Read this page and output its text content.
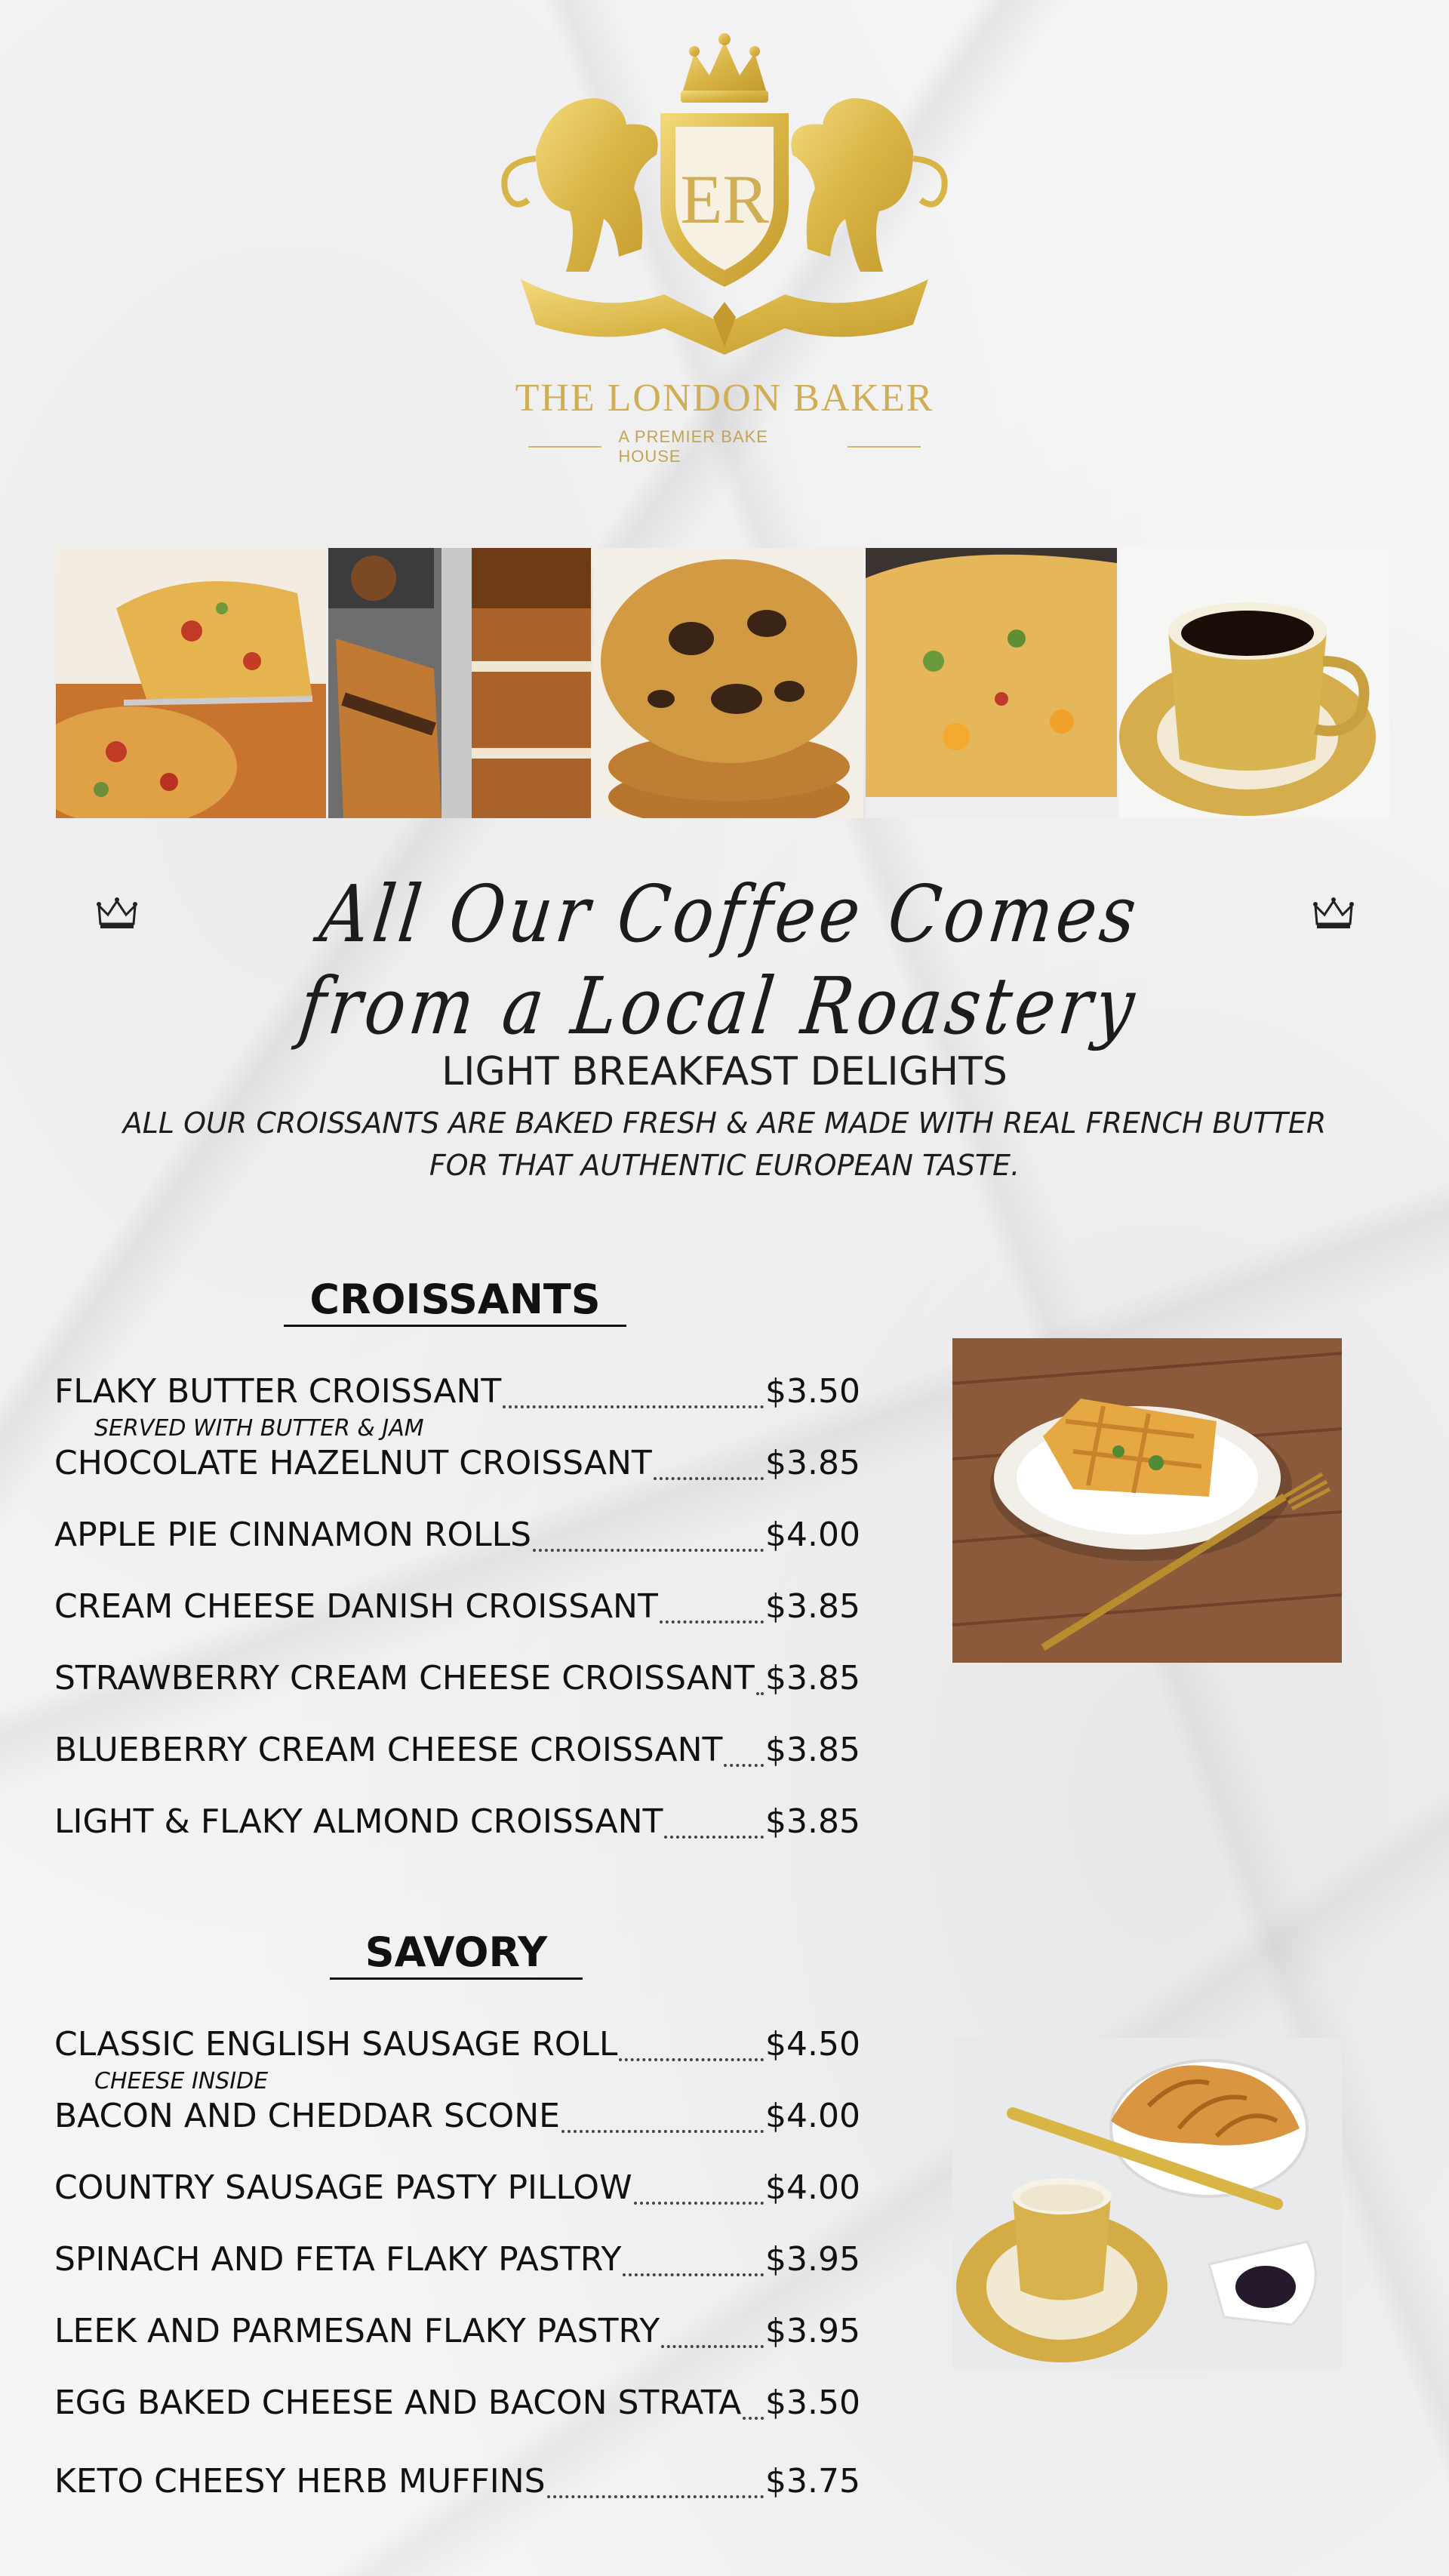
ER
THE LONDON BAKER
A PREMIER BAKE HOUSE
All Our Coffee Comes from a Local Roastery
LIGHT BREAKFAST DELIGHTS
ALL OUR CROISSANTS ARE BAKED FRESH & ARE MADE WITH REAL FRENCH BUTTER
FOR THAT AUTHENTIC EUROPEAN TASTE.
CROISSANTS
FLAKY BUTTER CROISSANT	$3.50
SERVED WITH BUTTER & JAM
CHOCOLATE HAZELNUT CROISSANT	$3.85
APPLE PIE CINNAMON ROLLS	$4.00
CREAM CHEESE DANISH CROISSANT	$3.85
STRAWBERRY CREAM CHEESE CROISSANT $3.85
BLUEBERRY CREAM CHEESE CROISSANT $3.85
LIGHT & FLAKY ALMOND CROISSANT	$3.85
SAVORY
CLASSIC ENGLISH SAUSAGE ROLL	$4.50
CHEESE INSIDE
BACON AND CHEDDAR SCONE	$4.00
COUNTRY SAUSAGE PASTY PILLOW	$4.00
SPINACH AND FETA FLAKY PASTRY	$3.95
LEEK AND PARMESAN FLAKY PASTRY	$3.95
EGG BAKED CHEESE AND BACON STRATA $3.50
KETO CHEESY HERB MUFFINS	$3.75
